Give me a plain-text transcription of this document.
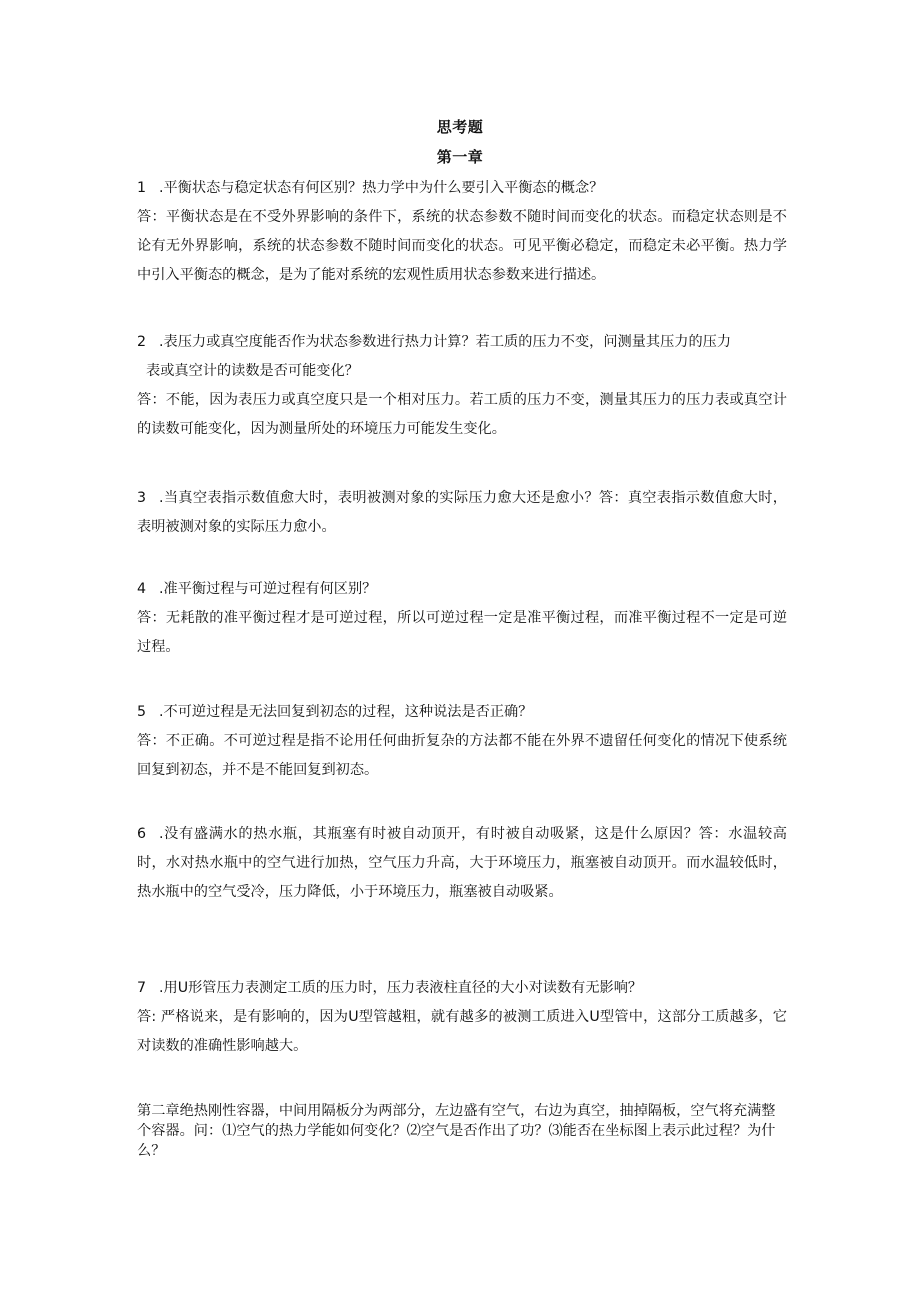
思考题
第一章
1 .平衡状态与稳定状态有何区别？热力学中为什么要引入平衡态的概念？
答：平衡状态是在不受外界影响的条件下，系统的状态参数不随时间而变化的状态。而稳定状态则是不论有无外界影响，系统的状态参数不随时间而变化的状态。可见平衡必稳定，而稳定未必平衡。热力学中引入平衡态的概念，是为了能对系统的宏观性质用状态参数来进行描述。
2 .表压力或真空度能否作为状态参数进行热力计算？若工质的压力不变，问测量其压力的压力
表或真空计的读数是否可能变化？
答：不能，因为表压力或真空度只是一个相对压力。若工质的压力不变，测量其压力的压力表或真空计的读数可能变化，因为测量所处的环境压力可能发生变化。
3 .当真空表指示数值愈大时，表明被测对象的实际压力愈大还是愈小？答：真空表指示数值愈大时，表明被测对象的实际压力愈小。
4 .准平衡过程与可逆过程有何区别？
答：无耗散的准平衡过程才是可逆过程，所以可逆过程一定是准平衡过程，而准平衡过程不一定是可逆过程。
5 .不可逆过程是无法回复到初态的过程，这种说法是否正确？
答：不正确。不可逆过程是指不论用任何曲折复杂的方法都不能在外界不遗留任何变化的情况下使系统回复到初态，并不是不能回复到初态。
6 .没有盛满水的热水瓶，其瓶塞有时被自动顶开，有时被自动吸紧，这是什么原因？答：水温较高时，水对热水瓶中的空气进行加热，空气压力升高，大于环境压力，瓶塞被自动顶开。而水温较低时，热水瓶中的空气受冷，压力降低，小于环境压力，瓶塞被自动吸紧。
7 .用U形管压力表测定工质的压力时，压力表液柱直径的大小对读数有无影响？
答: 严格说来，是有影响的，因为U型管越粗，就有越多的被测工质进入U型管中，这部分工质越多，它对读数的准确性影响越大。
第二章绝热刚性容器，中间用隔板分为两部分，左边盛有空气，右边为真空，抽掉隔板，空气将充满整个容器。问：⑴空气的热力学能如何变化？⑵空气是否作出了功？⑶能否在坐标图上表示此过程？为什么？
